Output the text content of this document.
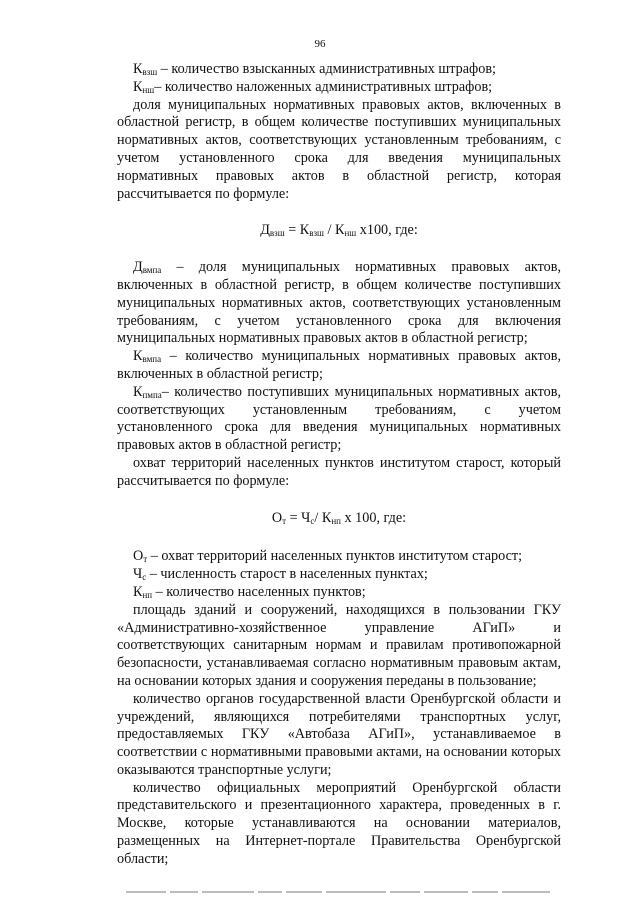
96

$К_{взш}$ – количество взысканных административных штрафов;

$К_{нш}-$ количество наложенных административных штрафов;

доля муниципальных нормативных правовых актов, включенных в областной регистр, в общем количестве поступивших муниципальных нормативных актов, соответствующих установленным требованиям, с учетом установленного срока для введения муниципальных нормативных правовых актов в областной регистр, которая рассчитывается по формуле:

$Д_{взш} = К_{взш} / К_{нш}$ х100, где:

$Д_{вмпа}$ – доля муниципальных нормативных правовых актов, включенных в областной регистр, в общем количестве поступивших муниципальных нормативных актов, соответствующих установленным требованиям, с учетом установленного срока для включения муниципальных нормативных правовых актов в областной регистр;

$К_{вмпа}$ – количество муниципальных нормативных правовых актов, включенных в областной регистр;

$К_{пмпа}-$ количество поступивших муниципальных нормативных актов, соответствующих установленным требованиям, с учетом установленного срока для введения муниципальных нормативных правовых актов в областной регистр;

охват территорий населенных пунктов институтом старост, который рассчитывается по формуле:

$О_т = Ч_с/$ $К_{нп}$ х 100, где:

$О_т$ – охват территорий населенных пунктов институтом старост;

$Ч_с$ – численность старост в населенных пунктах;

$К_{нп}$ – количество населенных пунктов;

площадь зданий и сооружений, находящихся в пользовании ГКУ «Административно-хозяйственное управление АГиП» и соответствующих санитарным нормам и правилам противопожарной безопасности, устанавливаемая согласно нормативным правовым актам, на основании которых здания и сооружения переданы в пользование;

количество органов государственной власти Оренбургской области и учреждений, являющихся потребителями транспортных услуг, предоставляемых ГКУ «Автобаза АГиП», устанавливаемое в соответствии с нормативными правовыми актами, на основании которых оказываются транспортные услуги;

количество официальных мероприятий Оренбургской области представительского и презентационного характера, проведенных в г. Москве, которые устанавливаются на основании материалов, размещенных на Интернет-портале Правительства Оренбургской области;
